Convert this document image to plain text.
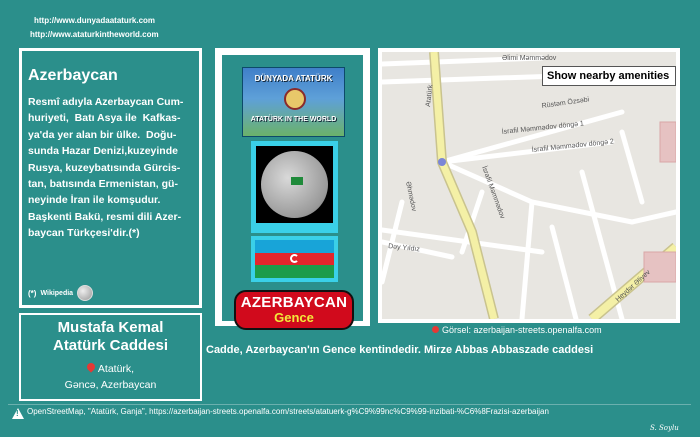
http://www.dunyadaataturk.com
http://www.ataturkintheworld.com
Azerbaycan
Resmî adıyla Azerbaycan Cum-
huriyeti,  Batı Asya ile  Kafkas-
ya'da yer alan bir ülke.  Doğu-
sunda Hazar Denizi,kuzeyinde
Rusya, kuzeybatısında Gürcis-
tan, batısında Ermenistan, gü-
neyinde İran ile komşudur.
Başkenti Bakü, resmi dili Azer-
baycan Türkçesi'dir.(*)
(*) Wikipedia
Mustafa Kemal
Atatürk Caddesi
Atatürk,
Gəncə, Azerbaycan
DÜNYADA ATATÜRK
ATATÜRK IN THE WORLD
AZERBAYCAN
Gence
Əlimi Məmmədov
Rüstəm Özsəbi
İsrafil Məmmədov döngə 1
İsrafil Məmmədov döngə 2
İsrafil Məmmədov
Dəy Yıldız
Atatürk
Heydər Əliyev
Əhmədov
Show nearby amenities
Görsel: azerbaijan-streets.openalfa.com
Cadde, Azerbaycan'ın Gence kentindedir. Mirze Abbas Abbaszade caddesi
!
OpenStreetMap, "Atatürk, Ganja", https://azerbaijan-streets.openalfa.com/streets/atatuerk-g%C9%99nc%C9%99-inzibati-%C6%8Frazisi-azerbaijan
S. Soylu
